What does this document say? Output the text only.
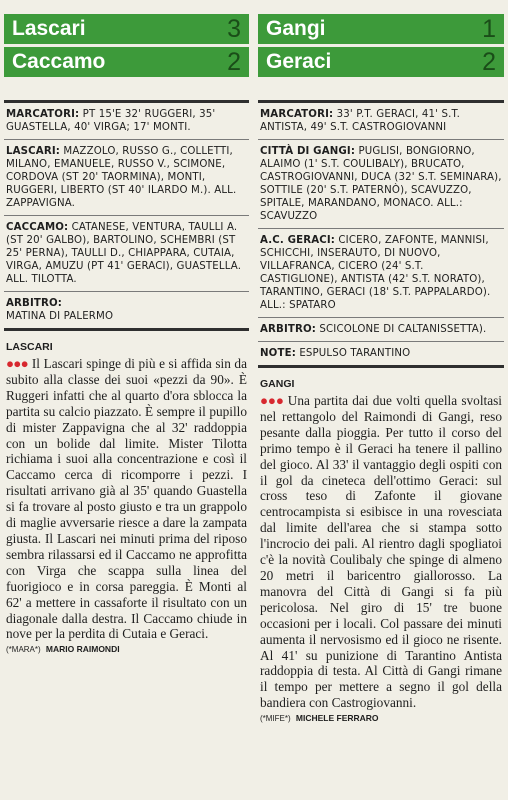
Lascari	3
Caccamo	2
MARCATORI: PT 15'E 32' RUGGERI, 35' GUASTELLA, 40' VIRGA; 17' MONTI.
LASCARI: MAZZOLO, RUSSO G., COLLETTI, MILANO, EMANUELE, RUSSO V., SCIMONE, CORDOVA (ST 20' TAORMINA), MONTI, RUGGERI, LIBERTO (ST 40' ILARDO M.). ALL. ZAPPAVIGNA.
CACCAMO: CATANESE, VENTURA, TAULLI A. (ST 20' GALBO), BARTOLINO, SCHEMBRI (ST 25' PERNA), TAULLI D., CHIAPPARA, CUTAIA, VIRGA, AMUZU (PT 41' GERACI), GUASTELLA. ALL. TILOTTA.
ARBITRO:
MATINA DI PALERMO
LASCARI
●●● Il Lascari spinge di più e si affida sin da subito alla classe dei suoi «pezzi da 90». È Ruggeri infatti che al quarto d'ora sblocca la partita su calcio piazzato. È sempre il pupillo di mister Zappavigna che al 32' raddoppia con un bolide dal limite. Mister Tilotta richiama i suoi alla concentrazione e così il Caccamo cerca di ricomporre i pezzi. I risultati arrivano già al 35' quando Guastella si fa trovare al posto giusto e tra un grappolo di maglie avversarie riesce a dare la zampata giusta. Il Lascari nei minuti prima del riposo sembra rilassarsi ed il Caccamo ne approfitta con Virga che scappa sulla linea del fuorigioco e in corsa pareggia. È Monti al 62' a mettere in cassaforte il risultato con un diagonale dalla destra. Il Caccamo chiude in nove per la perdita di Cutaia e Geraci.
(*MARA*) MARIO RAIMONDI
Gangi	1
Geraci	2
MARCATORI: 33' P.T. GERACI, 41' S.T. ANTISTA, 49' S.T. CASTROGIOVANNI
CITTÀ DI GANGI: PUGLISI, BONGIORNO, ALAIMO (1' S.T. COULIBALY), BRUCATO, CASTROGIOVANNI, DUCA (32' S.T. SEMINARA), SOTTILE (20' S.T. PATERNÒ), SCAVUZZO, SPITALE, MARANDANO, MONACO. ALL.: SCAVUZZO
A.C. GERACI: CICERO, ZAFONTE, MANNISI, SCHICCHI, INSERAUTO, DI NUOVO, VILLAFRANCA, CICERO (24' S.T. CASTIGLIONE), ANTISTA (42' S.T. NORATO), TARANTINO, GERACI (18' S.T. PAPPALARDO). ALL.: SPATARO
ARBITRO: SCICOLONE DI CALTANISSETTA).
NOTE: ESPULSO TARANTINO
GANGI
●●● Una partita dai due volti quella svoltasi nel rettangolo del Raimondi di Gangi, reso pesante dalla pioggia. Per tutto il corso del primo tempo è il Geraci ha tenere il pallino del gioco. Al 33' il vantaggio degli ospiti con il gol da cineteca dell'ottimo Geraci: sul cross teso di Zafonte il giovane centrocampista si esibisce in una rovesciata dal limite dell'area che si stampa sotto l'incrocio dei pali. Al rientro dagli spogliatoi c'è la novità Coulibaly che spinge di almeno 20 metri il baricentro giallorosso. La manovra del Città di Gangi si fa più pericolosa. Nel giro di 15' tre buone occasioni per i locali. Col passare dei minuti aumenta il nervosismo ed il gioco ne risente. Al 41' su punizione di Tarantino Antista raddoppia di testa. Al Città di Gangi rimane il tempo per mettere a segno il gol della bandiera con Castrogiovanni.
(*MIFE*) MICHELE FERRARO
